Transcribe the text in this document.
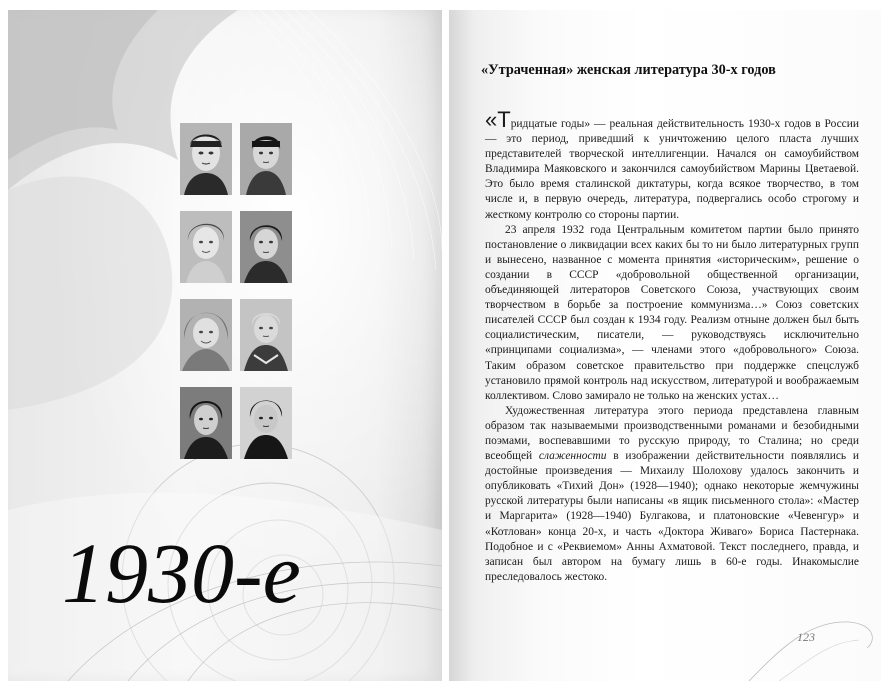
1930-е
«Утраченная» женская литература 30-х годов

«Тридцатые годы» — реальная действительность 1930-х годов в России — это период, приведший к уничтожению целого пласта лучших представителей творческой интеллигенции. Начался он самоубийством Владимира Маяковского и закончился самоубийством Марины Цветаевой. Это было время сталинской диктатуры, когда всякое творчество, в том числе и, в первую очередь, литература, подвергались особо строгому и жесткому контролю со стороны партии.

23 апреля 1932 года Центральным комитетом партии было принято постановление о ликвидации всех каких бы то ни было литературных групп и вынесено, названное с момента принятия «историческим», решение о создании в СССР «добровольной общественной организации, объединяющей литераторов Советского Союза, участвующих своим творчеством в борьбе за построение коммунизма…» Союз советских писателей СССР был создан к 1934 году. Реализм отныне должен был быть социалистическим, писатели, — руководствуясь исключительно «принципами социализма», — членами этого «добровольного» Союза. Таким образом советское правительство при поддержке спецслужб установило прямой контроль над искусством, литературой и воображаемым коллективом. Слово замирало не только на женских устах…

Художественная литература этого периода представлена главным образом так называемыми производственными романами и безобидными поэмами, воспевавшими то русскую природу, то Сталина; но среди всеобщей слаженности в изображении действительности появлялись и достойные произведения — Михаилу Шолохову удалось закончить и опубликовать «Тихий Дон» (1928—1940); однако некоторые жемчужины русской литературы были написаны «в ящик письменного стола»: «Мастер и Маргарита» (1928—1940) Булгакова, и платоновские «Чевенгур» и «Котлован» конца 20-х, и часть «Доктора Живаго» Бориса Пастернака. Подобное и с «Реквиемом» Анны Ахматовой. Текст последнего, правда, и записан был автором на бумагу лишь в 60-е годы. Инакомыслие преследовалось жестоко.

123
